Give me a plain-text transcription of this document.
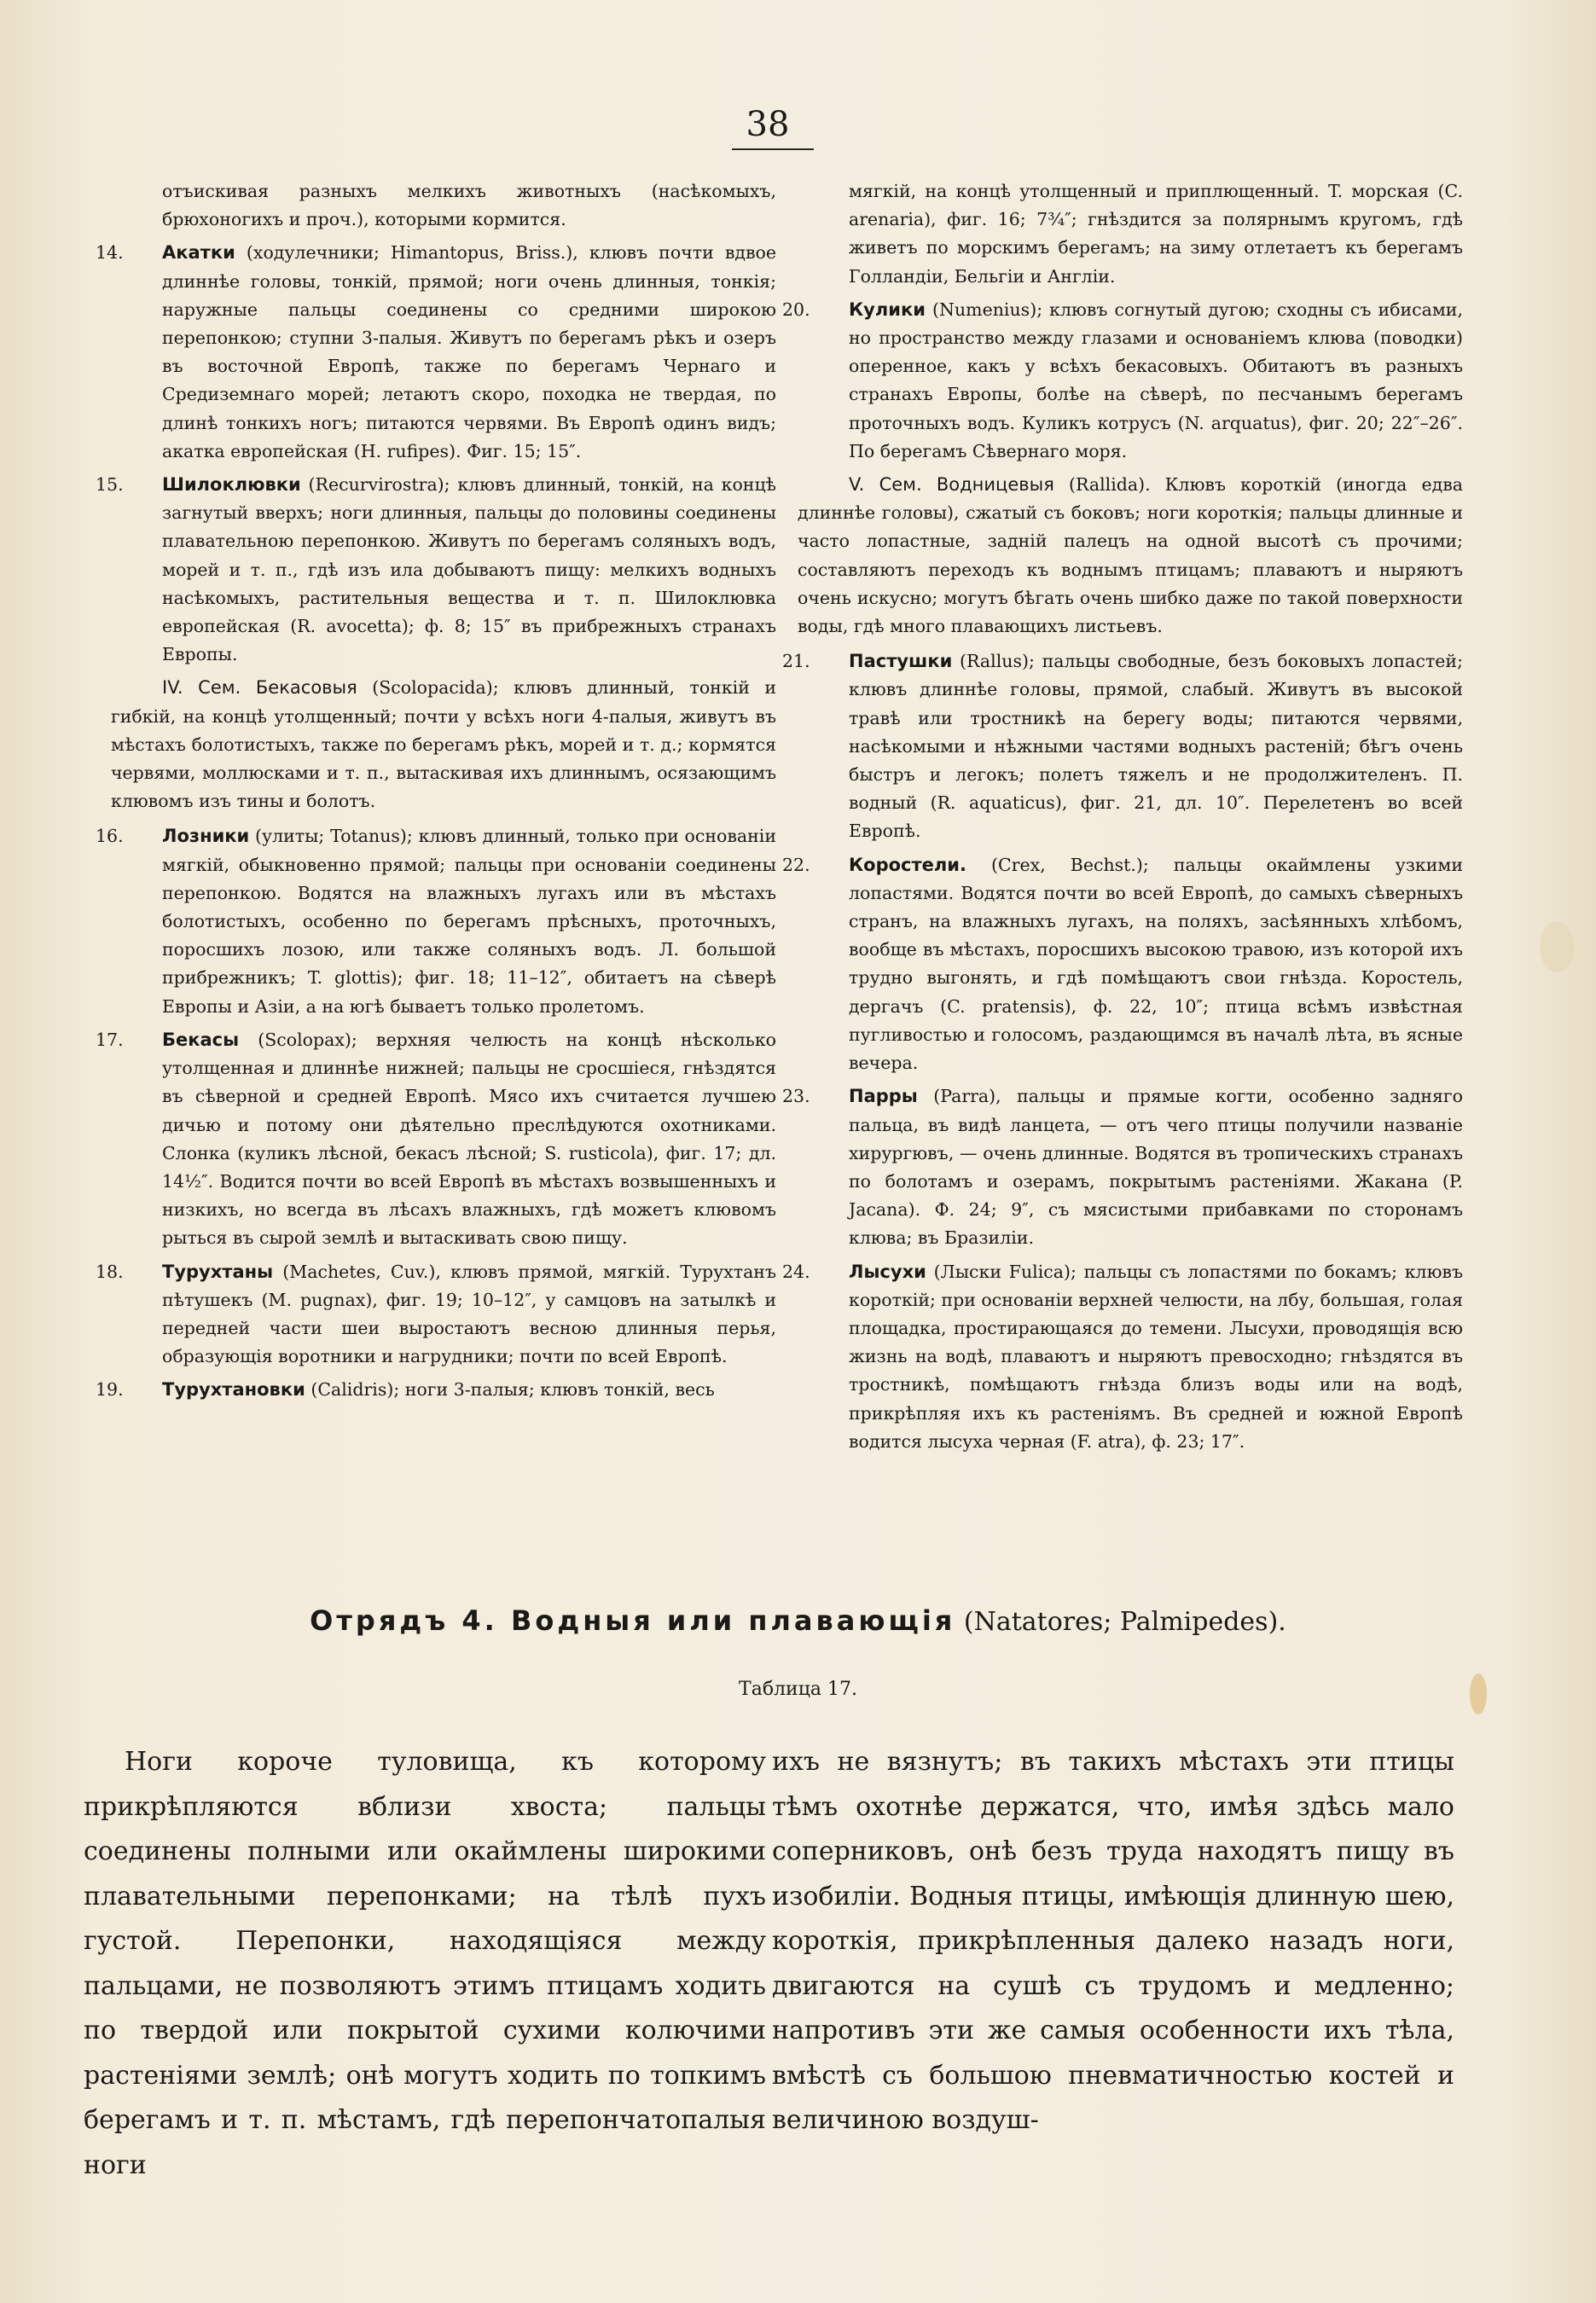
38
отъискивая разныхъ мелкихъ животныхъ (насѣкомыхъ, брюхоногихъ и проч.), которыми кормится.
14. Акатки (ходулечники; Himantopus, Briss.), клювъ почти вдвое длиннѣе головы, тонкій, прямой; ноги очень длинныя, тонкія; наружные пальцы соединены со средними широкою перепонкою; ступни 3-палыя. Живутъ по берегамъ рѣкъ и озеръ въ восточной Европѣ, также по берегамъ Чернаго и Средиземнаго морей; летаютъ скоро, походка не твердая, по длинѣ тонкихъ ногъ; питаются червями. Въ Европѣ одинъ видъ; акатка европейская (H. rufipes). Фиг. 15; 15″.
15. Шилоклювки (Recurvirostra); клювъ длинный, тонкій, на концѣ загнутый вверхъ; ноги длинныя, пальцы до половины соединены плавательною перепонкою. Живутъ по берегамъ соляныхъ водъ, морей и т. п., гдѣ изъ ила добываютъ пищу: мелкихъ водныхъ насѣкомыхъ, растительныя вещества и т. п. Шилоклювка европейская (R. avocetta); ф. 8; 15″ въ прибрежныхъ странахъ Европы.
IV. Сем. Бекасовыя (Scolopacida); клювъ длинный, тонкій и гибкій, на концѣ утолщенный; почти у всѣхъ ноги 4-палыя, живутъ въ мѣстахъ болотистыхъ, также по берегамъ рѣкъ, морей и т. д.; кормятся червями, моллюсками и т. п., вытаскивая ихъ длиннымъ, осязающимъ клювомъ изъ тины и болотъ.
16. Лозники (улиты; Totanus); клювъ длинный, только при основаніи мягкій, обыкновенно прямой; пальцы при основаніи соединены перепонкою. Водятся на влажныхъ лугахъ или въ мѣстахъ болотистыхъ, особенно по берегамъ прѣсныхъ, проточныхъ, поросшихъ лозою, или также соляныхъ водъ. Л. большой прибрежникъ; T. glottis); фиг. 18; 11–12″, обитаетъ на сѣверѣ Европы и Азіи, а на югѣ бываетъ только пролетомъ.
17. Бекасы (Scolopax); верхняя челюсть на концѣ нѣсколько утолщенная и длиннѣе нижней; пальцы не сросшіеся, гнѣздятся въ сѣверной и средней Европѣ. Мясо ихъ считается лучшею дичью и потому они дѣятельно преслѣдуются охотниками. Слонка (куликъ лѣсной, бекасъ лѣсной; S. rusticola), фиг. 17; дл. 14½″. Водится почти во всей Европѣ въ мѣстахъ возвышенныхъ и низкихъ, но всегда въ лѣсахъ влажныхъ, гдѣ можетъ клювомъ рыться въ сырой землѣ и вытаскивать свою пищу.
18. Турухтаны (Machetes, Cuv.), клювъ прямой, мягкій. Турухтанъ пѣтушекъ (M. pugnax), фиг. 19; 10–12″, у самцовъ на затылкѣ и передней части шеи выростаютъ весною длинныя перья, образующія воротники и нагрудники; почти по всей Европѣ.
19. Турухтановки (Calidris); ноги 3-палыя; клювъ тонкій, весь
мягкій, на концѣ утолщенный и приплющенный. T. морская (C. arenaria), фиг. 16; 7¾″; гнѣздится за полярнымъ кругомъ, гдѣ живетъ по морскимъ берегамъ; на зиму отлетаетъ къ берегамъ Голландіи, Бельгіи и Англіи.
20. Кулики (Numenius); клювъ согнутый дугою; сходны съ ибисами, но пространство между глазами и основаніемъ клюва (поводки) оперенное, какъ у всѣхъ бекасовыхъ. Обитаютъ въ разныхъ странахъ Европы, болѣе на сѣверѣ, по песчанымъ берегамъ проточныхъ водъ. Куликъ котрусъ (N. arquatus), фиг. 20; 22″–26″. По берегамъ Сѣвернаго моря.
V. Сем. Водницевыя (Rallida). Клювъ короткій (иногда едва длиннѣе головы), сжатый съ боковъ; ноги короткія; пальцы длинные и часто лопастные, задній палецъ на одной высотѣ съ прочими; составляютъ переходъ къ воднымъ птицамъ; плаваютъ и ныряютъ очень искусно; могутъ бѣгать очень шибко даже по такой поверхности воды, гдѣ много плавающихъ листьевъ.
21. Пастушки (Rallus); пальцы свободные, безъ боковыхъ лопастей; клювъ длиннѣе головы, прямой, слабый. Живутъ въ высокой травѣ или тростникѣ на берегу воды; питаются червями, насѣкомыми и нѣжными частями водныхъ растеній; бѣгъ очень быстръ и легокъ; полетъ тяжелъ и не продолжителенъ. П. водный (R. aquaticus), фиг. 21, дл. 10″. Перелетенъ во всей Европѣ.
22. Коростели. (Crex, Bechst.); пальцы окаймлены узкими лопастями. Водятся почти во всей Европѣ, до самыхъ сѣверныхъ странъ, на влажныхъ лугахъ, на поляхъ, засѣянныхъ хлѣбомъ, вообще въ мѣстахъ, поросшихъ высокою травою, изъ которой ихъ трудно выгонять, и гдѣ помѣщаютъ свои гнѣзда. Коростель, дергачъ (C. pratensis), ф. 22, 10″; птица всѣмъ извѣстная пугливостью и голосомъ, раздающимся въ началѣ лѣта, въ ясные вечера.
23. Парры (Parra), пальцы и прямые когти, особенно задняго пальца, въ видѣ ланцета, — отъ чего птицы получили названіе хирургювъ, — очень длинные. Водятся въ тропическихъ странахъ по болотамъ и озерамъ, покрытымъ растеніями. Жакана (P. Jacana). Ф. 24; 9″, съ мясистыми прибавками по сторонамъ клюва; въ Бразиліи.
24. Лысухи (Лыски Fulica); пальцы съ лопастями по бокамъ; клювъ короткій; при основаніи верхней челюсти, на лбу, большая, голая площадка, простирающаяся до темени. Лысухи, проводящія всю жизнь на водѣ, плаваютъ и ныряютъ превосходно; гнѣздятся въ тростникѣ, помѣщаютъ гнѣзда близъ воды или на водѣ, прикрѣпляя ихъ къ растеніямъ. Въ средней и южной Европѣ водится лысуха черная (F. atra), ф. 23; 17″.
Отрядъ 4. Водныя или плавающія (Natatores; Palmipedes).
Таблица 17.
Ноги короче туловища, къ которому прикрѣпляются вблизи хвоста; пальцы соединены полными или окаймлены широкими плавательными перепонками; на тѣлѣ пухъ густой. Перепонки, находящіяся между пальцами, не позволяютъ этимъ птицамъ ходить по твердой или покрытой сухими колючими растеніями землѣ; онѣ могутъ ходить по топкимъ берегамъ и т. п. мѣстамъ, гдѣ перепончатопалыя ноги
ихъ не вязнутъ; въ такихъ мѣстахъ эти птицы тѣмъ охотнѣе держатся, что, имѣя здѣсь мало соперниковъ, онѣ безъ труда находятъ пищу въ изобиліи. Водныя птицы, имѣющія длинную шею, короткія, прикрѣпленныя далеко назадъ ноги, двигаются на сушѣ съ трудомъ и медленно; напротивъ эти же самыя особенности ихъ тѣла, вмѣстѣ съ большою пневматичностью костей и величиною воздуш-
